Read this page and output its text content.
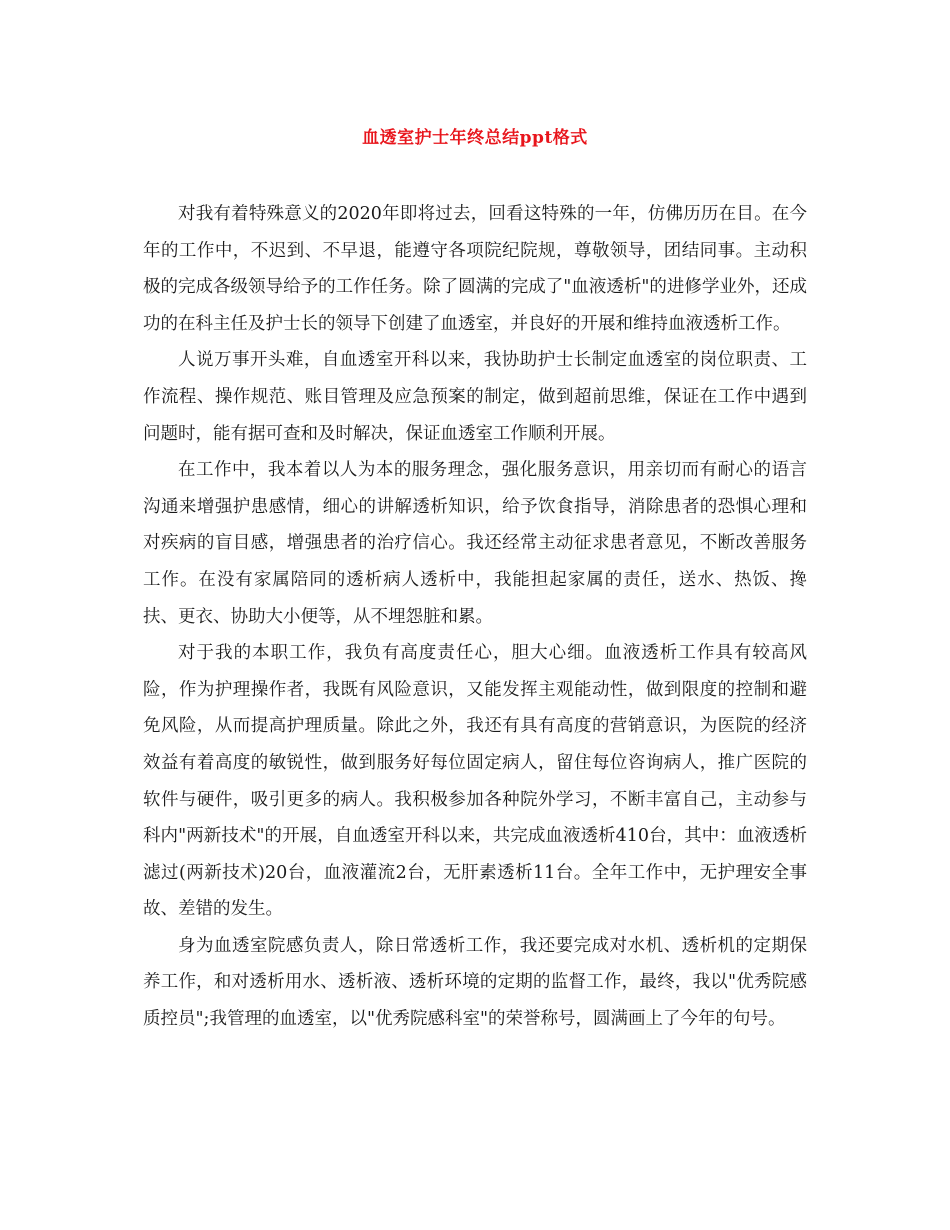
血透室护士年终总结ppt格式

对我有着特殊意义的2020年即将过去，回看这特殊的一年，仿佛历历在目。在今年的工作中，不迟到、不早退，能遵守各项院纪院规，尊敬领导，团结同事。主动积极的完成各级领导给予的工作任务。除了圆满的完成了"血液透析"的进修学业外，还成功的在科主任及护士长的领导下创建了血透室，并良好的开展和维持血液透析工作。

人说万事开头难，自血透室开科以来，我协助护士长制定血透室的岗位职责、工作流程、操作规范、账目管理及应急预案的制定，做到超前思维，保证在工作中遇到问题时，能有据可查和及时解决，保证血透室工作顺利开展。

在工作中，我本着以人为本的服务理念，强化服务意识，用亲切而有耐心的语言沟通来增强护患感情，细心的讲解透析知识，给予饮食指导，消除患者的恐惧心理和对疾病的盲目感，增强患者的治疗信心。我还经常主动征求患者意见，不断改善服务工作。在没有家属陪同的透析病人透析中，我能担起家属的责任，送水、热饭、搀扶、更衣、协助大小便等，从不埋怨脏和累。

对于我的本职工作，我负有高度责任心，胆大心细。血液透析工作具有较高风险，作为护理操作者，我既有风险意识，又能发挥主观能动性，做到限度的控制和避免风险，从而提高护理质量。除此之外，我还有具有高度的营销意识，为医院的经济效益有着高度的敏锐性，做到服务好每位固定病人，留住每位咨询病人，推广医院的软件与硬件，吸引更多的病人。我积极参加各种院外学习，不断丰富自己，主动参与科内"两新技术"的开展，自血透室开科以来，共完成血液透析410台，其中：血液透析滤过(两新技术)20台，血液灌流2台，无肝素透析11台。全年工作中，无护理安全事故、差错的发生。

身为血透室院感负责人，除日常透析工作，我还要完成对水机、透析机的定期保养工作，和对透析用水、透析液、透析环境的定期的监督工作，最终，我以"优秀院感质控员";我管理的血透室，以"优秀院感科室"的荣誉称号，圆满画上了今年的句号。
